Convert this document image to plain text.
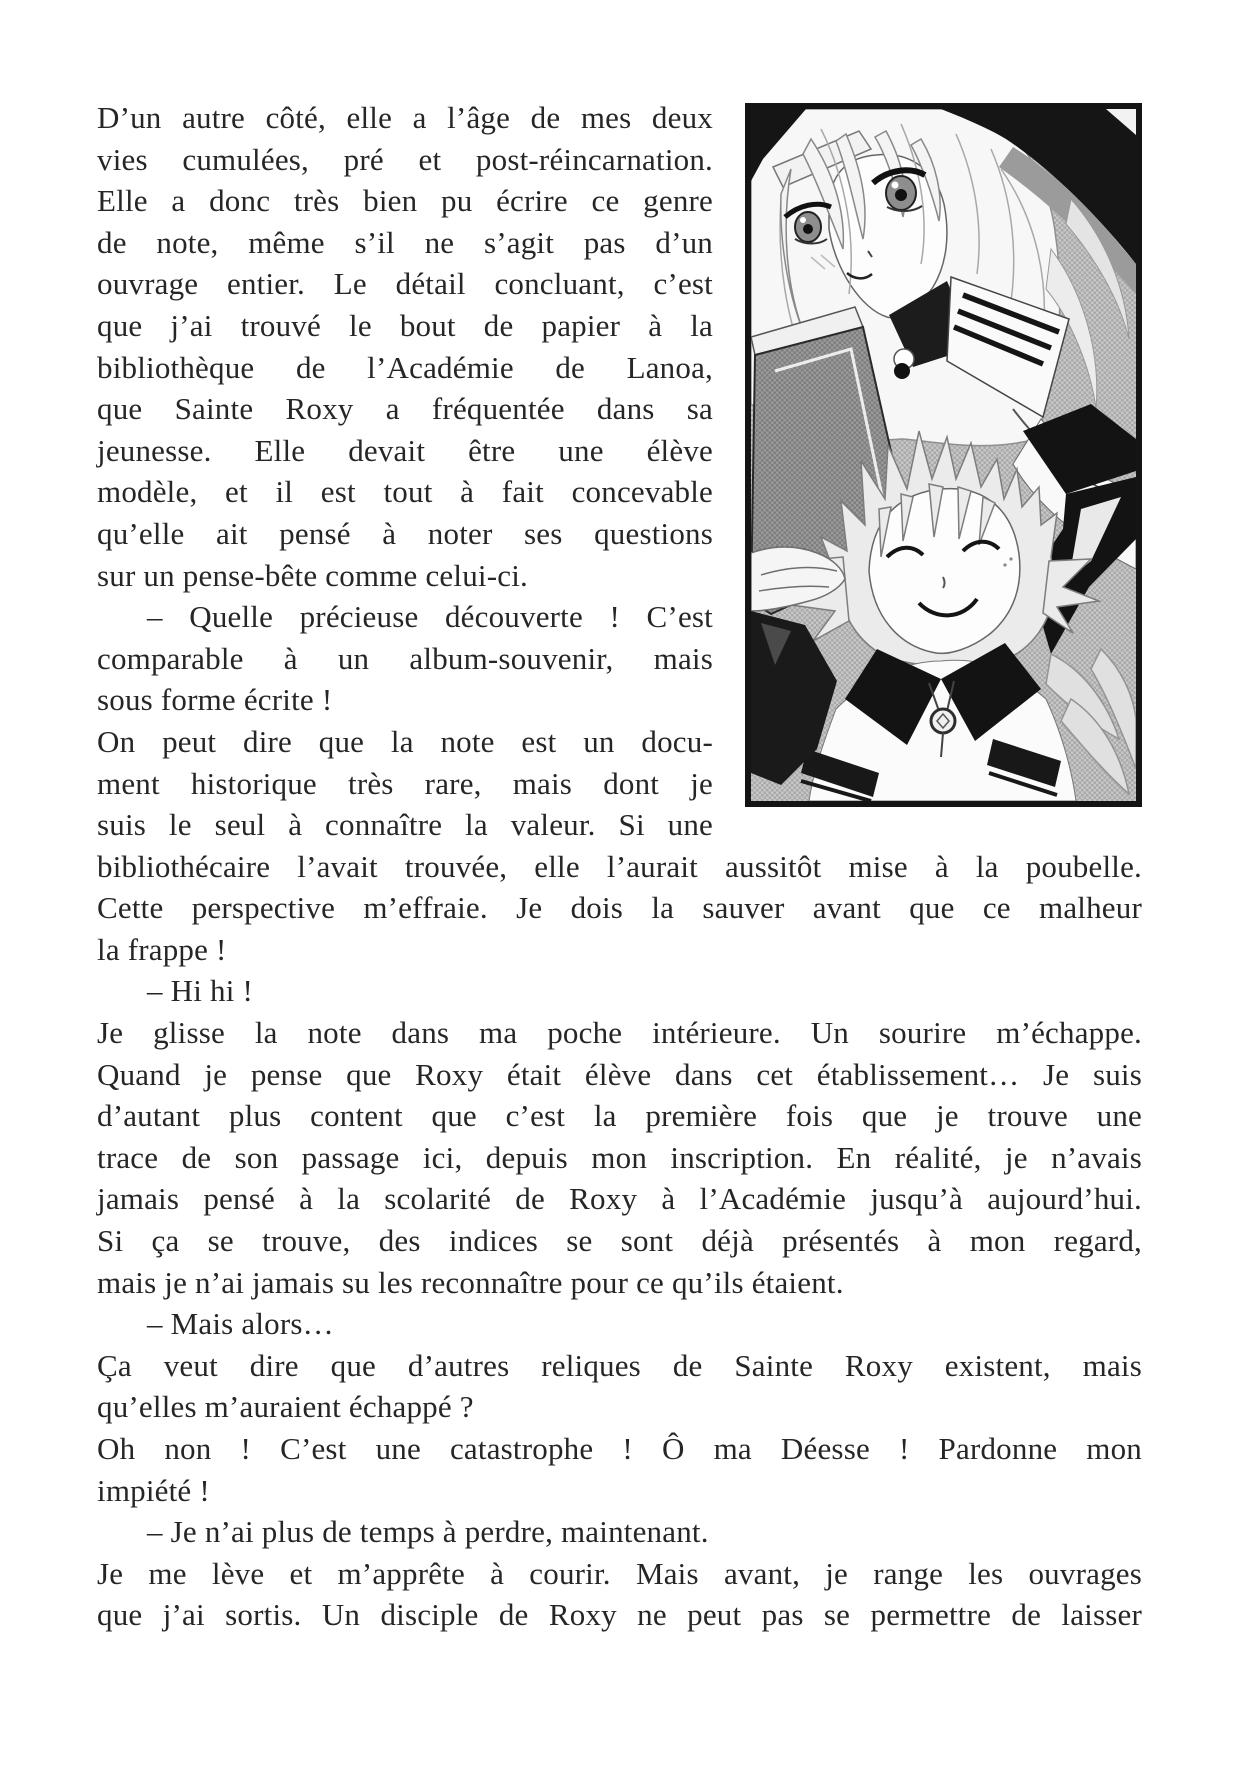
D’un autre côté, elle a l’âge de mes deux
vies cumulées, pré et post-réincarnation.
Elle a donc très bien pu écrire ce genre
de note, même s’il ne s’agit pas d’un
ouvrage entier. Le détail concluant, c’est
que j’ai trouvé le bout de papier à la
bibliothèque de l’Académie de Lanoa,
que Sainte Roxy a fréquentée dans sa
jeunesse. Elle devait être une élève
modèle, et il est tout à fait concevable
qu’elle ait pensé à noter ses questions
sur un pense-bête comme celui-ci.
– Quelle précieuse découverte ! C’est
comparable à un album-souvenir, mais
sous forme écrite !
On peut dire que la note est un docu-
ment historique très rare, mais dont je
suis le seul à connaître la valeur. Si une
bibliothécaire l’avait trouvée, elle l’aurait aussitôt mise à la poubelle.
Cette perspective m’effraie. Je dois la sauver avant que ce malheur
la frappe !
– Hi hi !
Je glisse la note dans ma poche intérieure. Un sourire m’échappe.
Quand je pense que Roxy était élève dans cet établissement… Je suis
d’autant plus content que c’est la première fois que je trouve une
trace de son passage ici, depuis mon inscription. En réalité, je n’avais
jamais pensé à la scolarité de Roxy à l’Académie jusqu’à aujourd’hui.
Si ça se trouve, des indices se sont déjà présentés à mon regard,
mais je n’ai jamais su les reconnaître pour ce qu’ils étaient.
– Mais alors…
Ça veut dire que d’autres reliques de Sainte Roxy existent, mais
qu’elles m’auraient échappé ?
Oh non ! C’est une catastrophe ! Ô ma Déesse ! Pardonne mon
impiété !
– Je n’ai plus de temps à perdre, maintenant.
Je me lève et m’apprête à courir. Mais avant, je range les ouvrages
que j’ai sortis. Un disciple de Roxy ne peut pas se permettre de laisser
